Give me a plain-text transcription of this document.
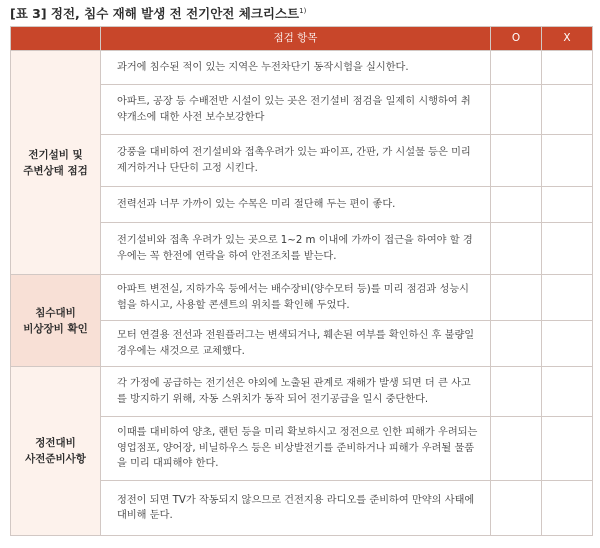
[표 3] 정전, 침수 재해 발생 전 전기안전 체크리스트$^{1)}$
	점검 항목	O	X
전기설비 및
주변상태 점검	과거에 침수된 적이 있는 지역은 누전차단기 동작시험을 실시한다.		
	아파트, 공장 등 수배전반 시설이 있는 곳은 전기설비 점검을 일제히 시행하여 취약개소에 대한 사전 보수보강한다		
	강풍을 대비하여 전기설비와 접촉우려가 있는 파이프, 간판, 가 시설물 등은 미리 제거하거나 단단히 고정 시킨다.		
	전력선과 너무 가까이 있는 수목은 미리 절단해 두는 편이 좋다.		
	전기설비와 접촉 우려가 있는 곳으로 1~2 m 이내에 가까이 접근을 하여야 할 경우에는 꼭 한전에 연락을 하여 안전조치를 받는다.		
침수대비
비상장비 확인	아파트 변전실, 지하가옥 등에서는 배수장비(양수모터 등)를 미리 점검과 성능시험을 하시고, 사용할 콘센트의 위치를 확인해 두었다.		
	모터 연결용 전선과 전원플러그는 변색되거나, 훼손된 여부를 확인하신 후 불량일 경우에는 새것으로 교체했다.		
정전대비
사전준비사항	각 가정에 공급하는 전기선은 야외에 노출된 관계로 재해가 발생 되면 더 큰 사고를 방지하기 위해, 자동 스위치가 동작 되어 전기공급을 일시 중단한다.		
	이때를 대비하여 양초, 랜턴 등을 미리 확보하시고 정전으로 인한 피해가 우려되는 영업점포, 양어장, 비닐하우스 등은 비상발전기를 준비하거나 피해가 우려될 물품을 미리 대피해야 한다.		
	정전이 되면 TV가 작동되지 않으므로 건전지용 라디오를 준비하여 만약의 사태에 대비해 둔다.		
